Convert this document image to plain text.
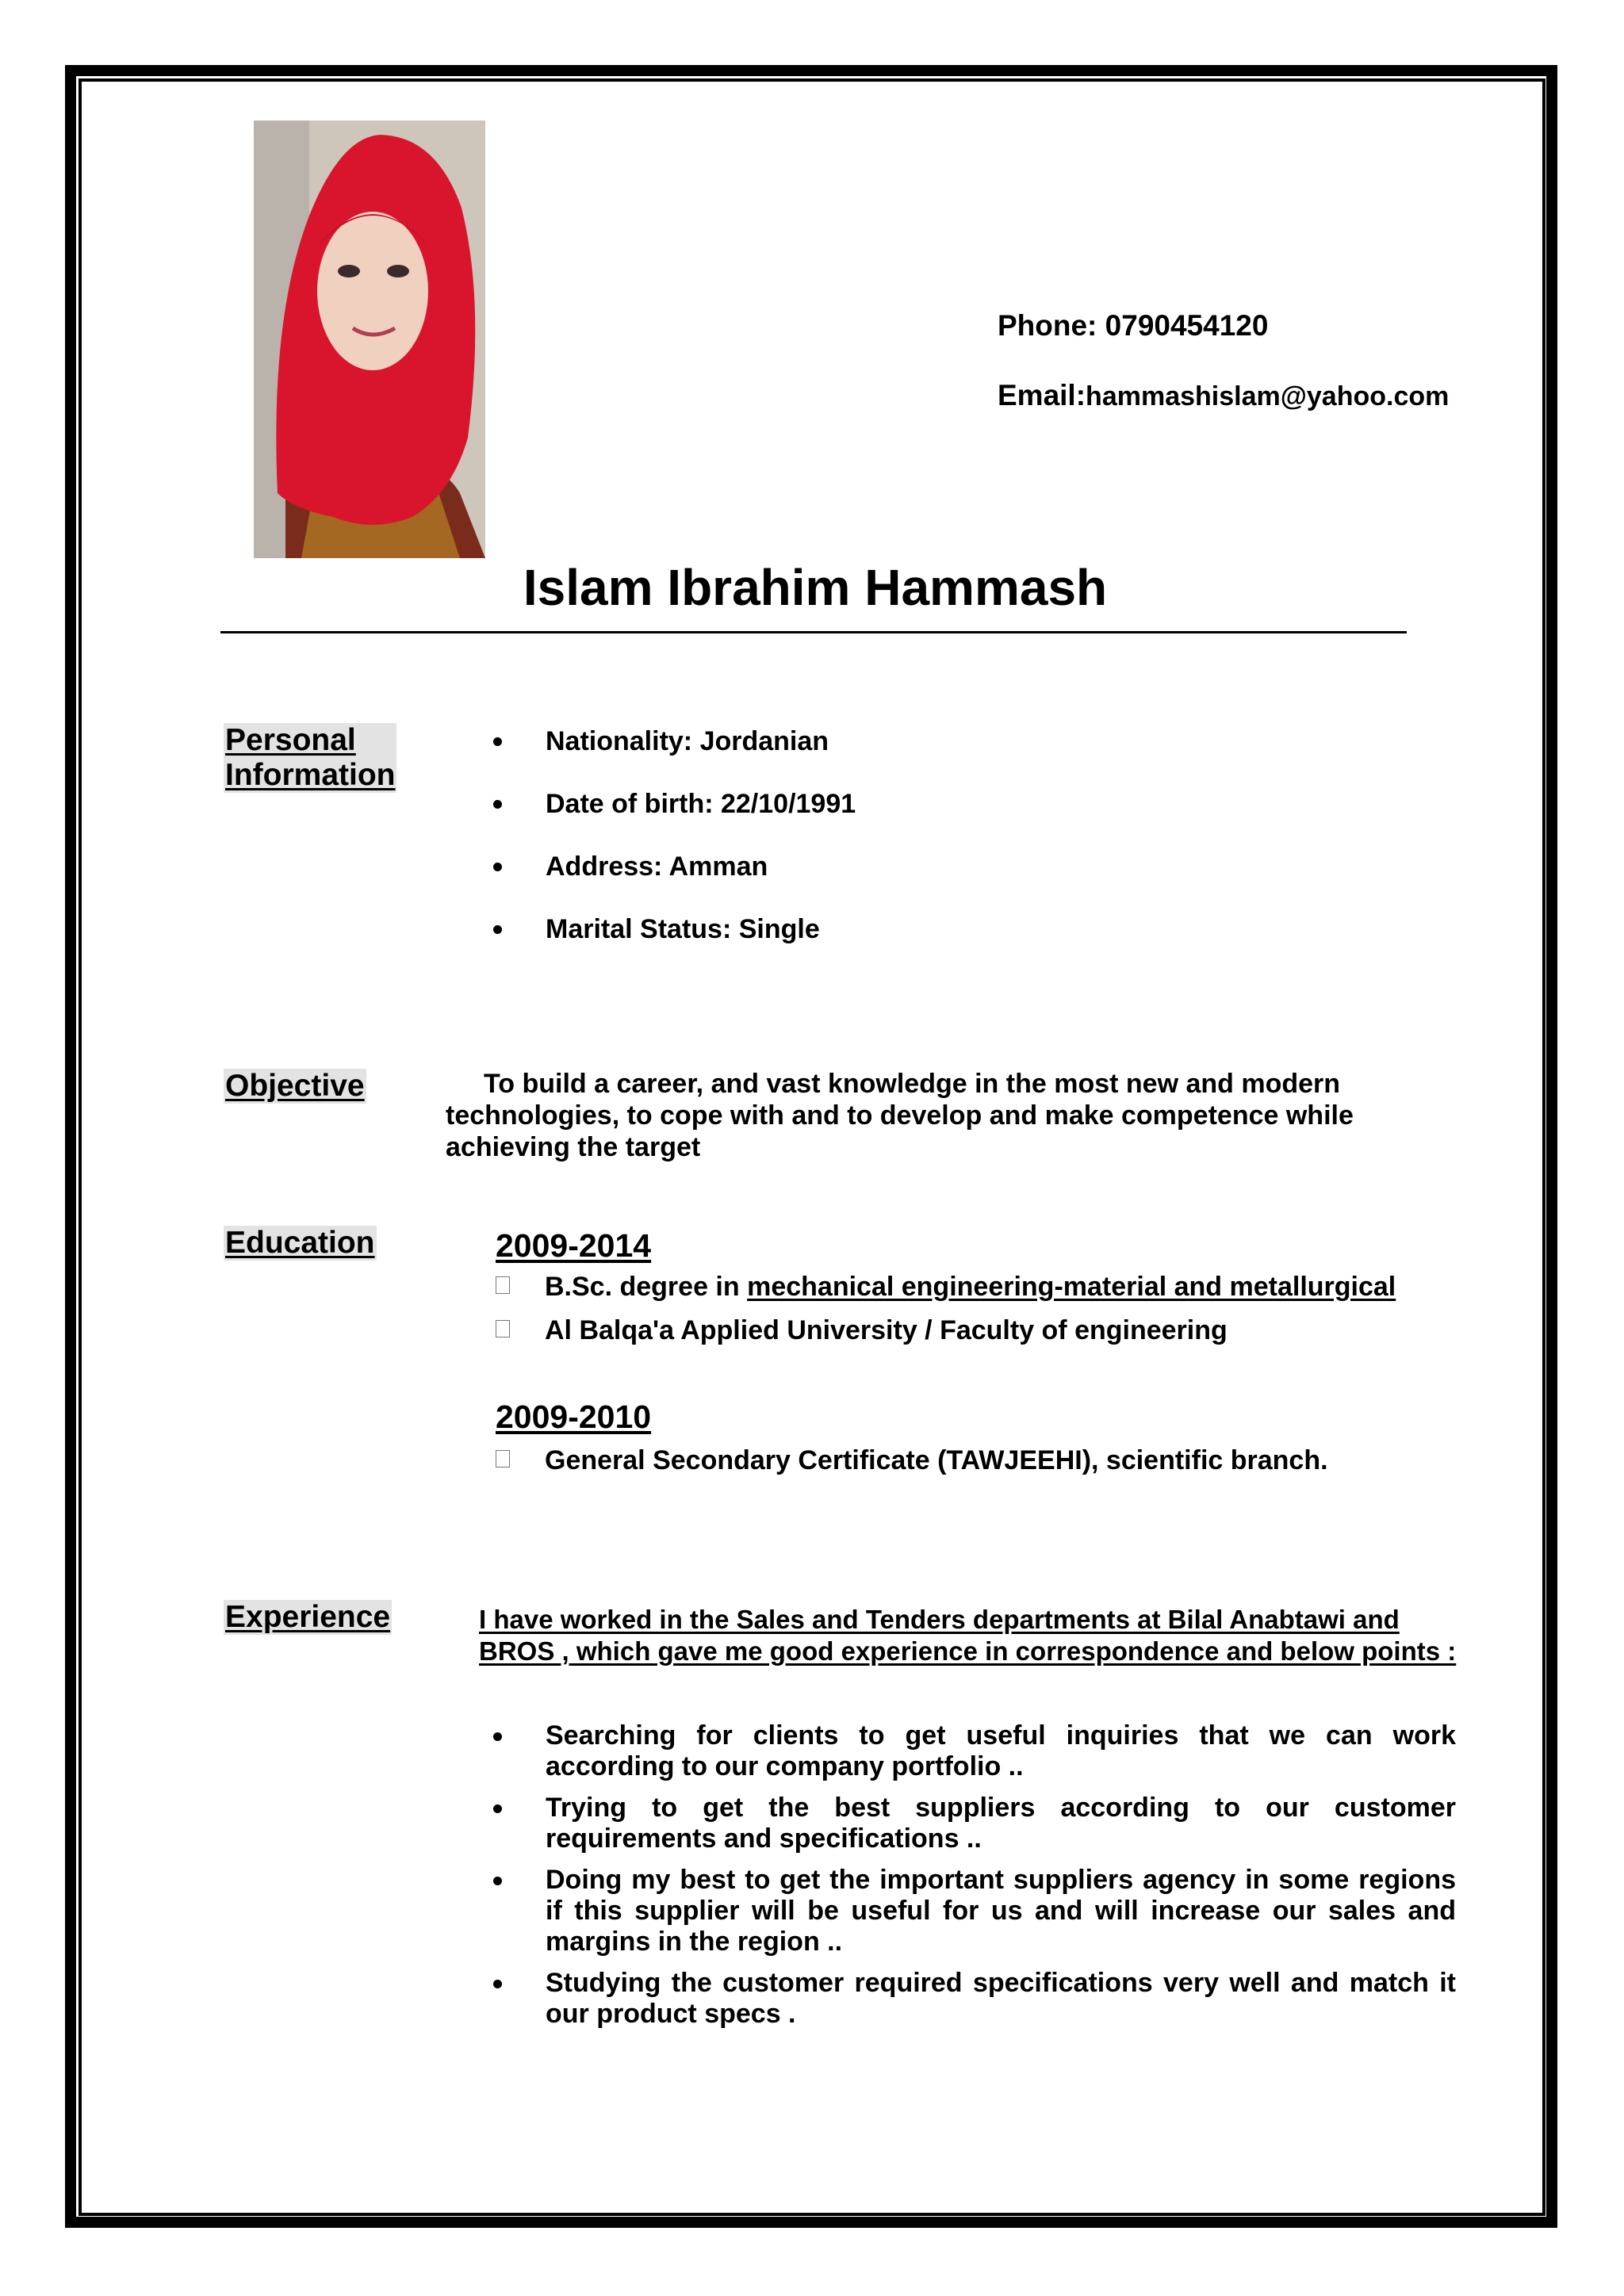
Phone: 0790454120
Email:hammashislam@yahoo.com
Islam Ibrahim Hammash
Personal
Information
Nationality: Jordanian
Date of birth: 22/10/1991
Address: Amman
Marital Status: Single
Objective	To build a career, and vast knowledge in the most new and modern technologies, to cope with and to develop and make competence while achieving the target
Education	2009-2014
B.Sc. degree in mechanical engineering-material and metallurgical
Al Balqa'a Applied University / Faculty of engineering
2009-2010
General Secondary Certificate (TAWJEEHI), scientific branch.
Experience	I have worked in the Sales and Tenders departments at Bilal Anabtawi and BROS , which gave me good experience in correspondence and below points :
Searching for clients to get useful inquiries that we can work according to our company portfolio ..
Trying to get the best suppliers according to our customer requirements and specifications ..
Doing my best to get the important suppliers agency in some regions if this supplier will be useful for us and will increase our sales and margins in the region ..
Studying the customer required specifications very well and match it our product specs .
